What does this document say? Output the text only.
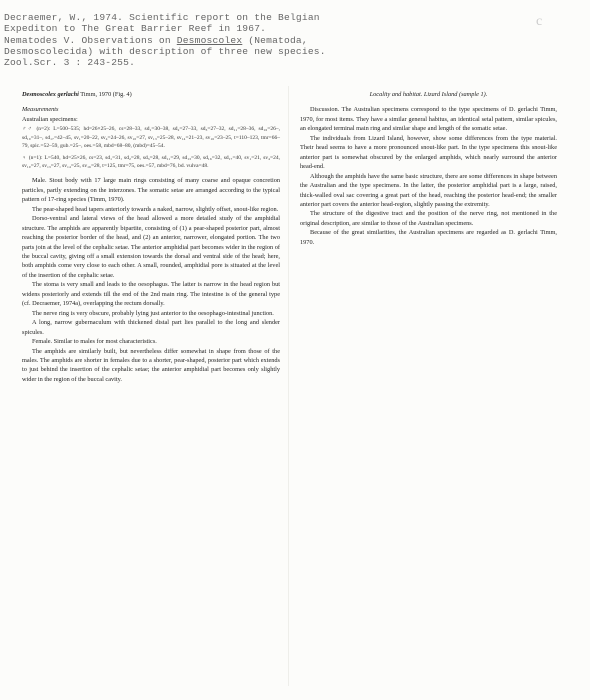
Decraemer, W., 1974. Scientific report on the Belgian
Expediton to The Great Barrier Reef in 1967.
Nematodes V. Observations on Desmoscolex (Nematoda,
Desmoscolecida) with description of three new species.
Zool.Scr. 3 : 243-255.
c

Desmoscolex gerlachi Timm, 1970 (Fig. 4)

Measurements

Australian specimens:

♂♂ (n=2): L=500–535; hd=26×25–26, cs=28–33, sd₁=30–38, sd₂=27–33, sd₃=27–32, sd₁₁=28–36, sd₁₆=26–, sd₁₉=31–, sd₁₇=42–45, sv₁=20–22, sv₄=24–26, sv₁₀=27, sv₁₃=25–28, sv₁₄=21–23, sv₁₆=23–25, t=110–123, tmr=66–79, spic.=52–59, gub.=25–, oes.=58, mbd=68–80, (mbd)=45–54.

♀ (n=1): L=540, hd=25×26, cs=23, sd₁=31, sd₂=28, sd₃=28, sd₁₁=29, sd₁₃=30, sd₁₆=32, sd₁₇=40, sv₁=21, sv₄=24, sv₁₀=27, sv₁₃=27, sv₁₄=25, sv₁₆=28, t=125, tmr=75, oes.=57, mbd=76, bd. vulva=48.

Male. Stout body with 17 large main rings consisting of many coarse and opaque concretion particles, partly extending on the interzones. The somatic setae are arranged according to the typical pattern of 17-ring species (Timm, 1970).

The pear-shaped head tapers anteriorly towards a naked, narrow, slightly offset, snout-like region.

Dorso-ventral and lateral views of the head allowed a more detailed study of the amphidial structure. The amphids are apparently bipartite, consisting of (1) a pear-shaped posterior part, almost reaching the posterior border of the head, and (2) an anterior, narrower, elongated portion. The two parts join at the level of the cephalic setae. The anterior amphidial part becomes wider in the region of the buccal cavity, giving off a small extension towards the dorsal and ventral side of the head; here, both amphids come very close to each other. A small, rounded, amphidial pore is situated at the level of the insertion of the cephalic setae.

The stoma is very small and leads to the oesophagus. The latter is narrow in the head region but widens posteriorly and extends till the end of the 2nd main ring. The intestine is of the general type (cf. Decraemer, 1974a), overlapping the rectum dorsally.

The nerve ring is very obscure, probably lying just anterior to the oesophago-intestinal junction.

A long, narrow gubernaculum with thickened distal part lies parallel to the long and slender spicules.

Female. Similar to males for most characteristics.

The amphids are similarly built, but nevertheless differ somewhat in shape from those of the males. The amphids are shorter in females due to a shorter, pear-shaped, posterior part which extends to just behind the insertion of the cephalic setae; the anterior amphidial part becomes only slightly wider in the region of the buccal cavity.

Locality and habitat. Lizard Island (sample 1).

Discussion. The Australian specimens correspond to the type specimens of D. gerlachi Timm, 1970, for most items. They have a similar general habitus, an identical setal pattern, similar spicules, an elongated terminal main ring and similar shape and length of the somatic setae.

The individuals from Lizard Island, however, show some differences from the type material. Their head seems to have a more pronounced snout-like part. In the type specimens this snout-like anterior part is somewhat obscured by the enlarged amphids, which nearly surround the anterior head-end.

Although the amphids have the same basic structure, there are some differences in shape between the Australian and the type specimens. In the latter, the posterior amphidial part is a large, raised, thick-walled oval sac covering a great part of the head, reaching the posterior head-end; the smaller anterior part covers the anterior head-region, slightly passing the extremity.

The structure of the digestive tract and the position of the nerve ring, not mentioned in the original description, are similar to those of the Australian specimens.

Because of the great similarities, the Australian specimens are regarded as D. gerlachi Timm, 1970.
